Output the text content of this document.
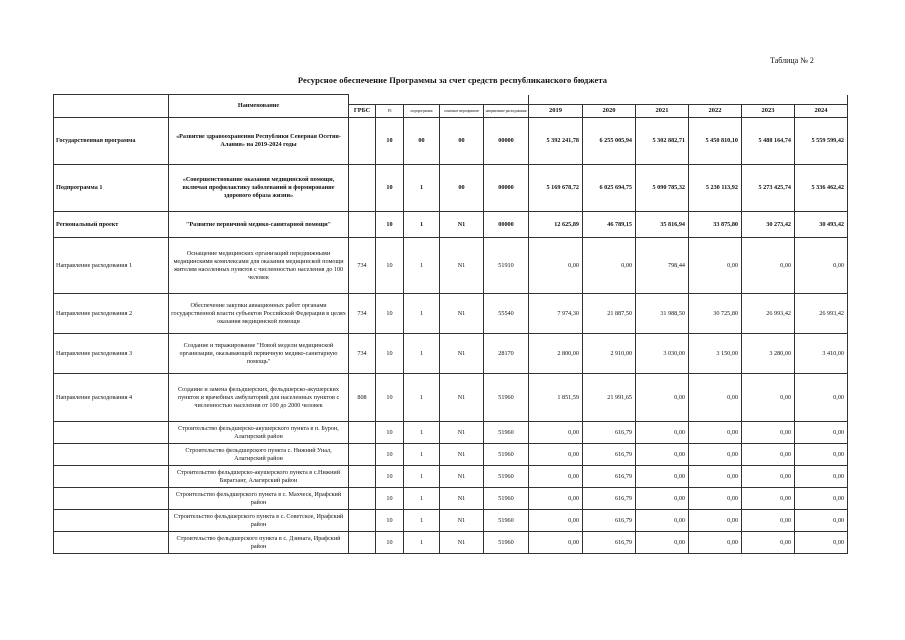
Таблица № 2
Ресурсное обеспечение Программы за счет средств республиканского бюджета
	Наименование											
		ГРБС	РЗ	подпрограмма	основное мероприятие	направление расходования	2019	2020	2021	2022	2023	2024
Государственная программа	«Развитие здравоохранения Республики Северная Осетия-Алания» на 2019-2024 годы		10	00	00	00000	5 392 241,78	6 255 005,94	5 302 882,71	5 450 810,10	5 488 164,74	5 559 599,42
Подпрограмма 1	«Совершенствование оказания медицинской помощи, включая профилактику заболеваний и формирование здорового образа жизни»		10	1	00	00000	5 169 678,72	6 025 694,75	5 090 785,32	5 230 113,92	5 273 425,74	5 336 462,42
Региональный проект	"Развитие первичной медико-санитарной помощи"		10	1	N1	00000	12 625,89	46 789,15	35 816,94	33 875,80	30 273,42	30 493,42
Направление расходования 1	Оснащение медицинских организаций передвижными медицинскими комплексами для оказания медицинской помощи жителям населенных пунктов с численностью населения до 100 человек	734	10	1	N1	51910	0,00	0,00	798,44	0,00	0,00	0,00
Направление расходования 2	Обеспечение закупки авиационных работ органами государственной власти субъектов Российской Федерации в целях оказания медицинской помощи	734	10	1	N1	55540	7 974,30	21 887,50	31 988,50	30 725,80	26 993,42	26 993,42
Направление расходования 3	Создание и тиражирование "Новой модели медицинской организации, оказывающей первичную медико-санитарную помощь"	734	10	1	N1	28170	2 800,00	2 910,00	3 030,00	3 150,00	3 280,00	3 410,00
Направление расходования 4	Создание и замена фельдшерских, фельдшерско-акушерских пунктов и врачебных амбулаторий для населенных пунктов с численностью населения от 100 до 2000 человек	808	10	1	N1	51960	1 851,59	21 991,65	0,00	0,00	0,00	0,00
	Строительство фельдшерско-акушерского пункта в п. Бурон, Алагирский район		10	1	N1	51960	0,00	616,79	0,00	0,00	0,00	0,00
	Строительство фельдшерского пункта с. Нижний Унал, Алагирский район		10	1	N1	51960	0,00	616,79	0,00	0,00	0,00	0,00
	Строительство фельдшерско-акушерского пункта в с.Нижний Бирагзанг, Алагирский район		10	1	N1	51960	0,00	616,79	0,00	0,00	0,00	0,00
	Строительство фельдшерского пункта в с. Махческ, Ирафский район		10	1	N1	51960	0,00	616,79	0,00	0,00	0,00	0,00
	Строительство фельдшерского пункта в с. Советское, Ирафский район		10	1	N1	51960	0,00	616,79	0,00	0,00	0,00	0,00
	Строительство фельдшерского пункта в с. Дзинага, Ирафский район		10	1	N1	51960	0,00	616,79	0,00	0,00	0,00	0,00
